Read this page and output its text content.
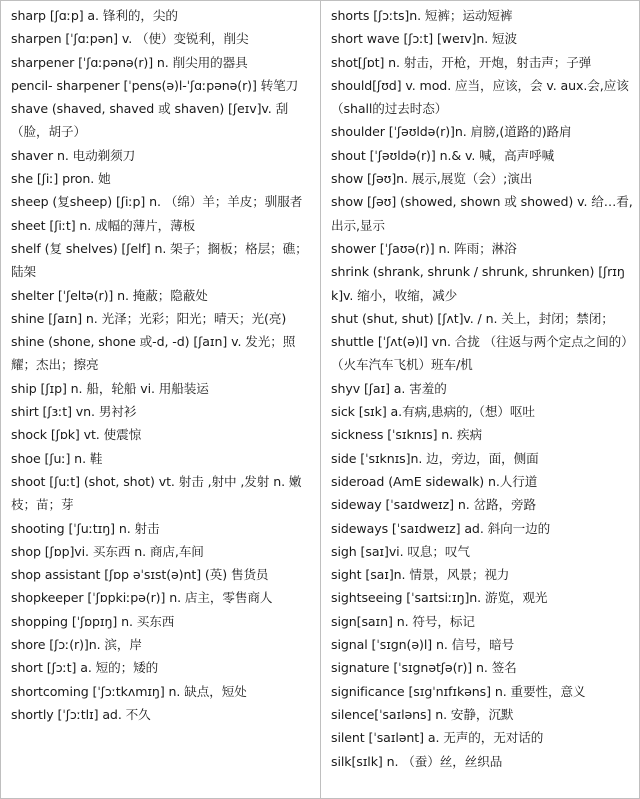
sharp [ʃɑːp] a. 锋利的，尖的
sharpen [ˈʃɑːpən] v. （使）变锐利，削尖
sharpener [ˈʃɑːpənə(r)] n. 削尖用的器具
pencil- sharpener [ˈpens(ə)l-ˈʃɑːpənə(r)] 转笔刀
shave (shaved, shaved 或 shaven) [ʃeɪv]v. 刮（脸，胡子）
shaver n. 电动剃须刀
she [ʃiː] pron. 她
sheep (复sheep) [ʃiːp] n. （绵）羊；羊皮；驯服者
sheet [ʃiːt] n. 成幅的薄片，薄板
shelf (复 shelves) [ʃelf] n. 架子；搁板；格层；礁；陆架
shelter [ˈʃeltə(r)] n. 掩蔽；隐蔽处
shine [ʃaɪn] n. 光泽；光彩；阳光；晴天；光(亮)
shine (shone, shone 或-d, -d) [ʃaɪn] v. 发光；照耀；杰出；擦亮
ship [ʃɪp] n. 船，轮船 vi. 用船装运
shirt [ʃɜːt] vn. 男衬衫
shock [ʃɒk] vt. 使震惊
shoe [ʃuː] n. 鞋
shoot [ʃuːt] (shot, shot) vt. 射击 ,射中 ,发射 n. 嫩枝；苗；芽
shooting [ˈʃuːtɪŋ] n. 射击
shop [ʃɒp]vi. 买东西 n. 商店,车间
shop assistant [ʃɒp əˈsɪst(ə)nt] (英) 售货员
shopkeeper [ˈʃɒpkiːpə(r)] n. 店主，零售商人
shopping [ˈʃɒpɪŋ] n. 买东西
shore [ʃɔː(r)]n. 滨，岸
short [ʃɔːt] a. 短的；矮的
shortcoming [ˈʃɔːtkʌmɪŋ] n. 缺点，短处
shortly [ˈʃɔːtlɪ] ad. 不久
shorts [ʃɔːts]n. 短裤；运动短裤
short wave [ʃɔːt] [weɪv]n. 短波
shot[ʃɒt] n. 射击，开枪，开炮，射击声；子弹
should[ʃʊd] v. mod. 应当，应该，会 v. aux.会,应该（shall的过去时态）
shoulder [ˈʃəʊldə(r)]n. 肩膀,(道路的)路肩
shout [ˈʃəʊldə(r)] n.& v. 喊，高声呼喊
show [ʃəʊ]n. 展示,展览（会）;演出
show [ʃəʊ] (showed, shown 或 showed) v. 给…看,出示,显示
shower [ˈʃaʊə(r)] n. 阵雨；淋浴
shrink (shrank, shrunk / shrunk, shrunken) [ʃrɪŋk]v. 缩小，收缩，减少
shut (shut, shut) [ʃʌt]v. / n. 关上，封闭；禁闭；
shuttle [ˈʃʌt(ə)l] vn. 合拢 （往返与两个定点之间的）（火车汽车飞机）班车/机
shyv [ʃaɪ] a. 害羞的
sick [sɪk] a.有病,患病的,（想）呕吐
sickness [ˈsɪknɪs] n. 疾病
side [ˈsɪknɪs]n. 边，旁边，面，侧面
sideroad (AmE sidewalk) n.人行道
sideway [ˈsaɪdweɪz] n. 岔路，旁路
sideways [ˈsaɪdweɪz] ad. 斜向一边的
sigh [saɪ]vi. 叹息；叹气
sight [saɪ]n. 情景，风景；视力
sightseeing [ˈsaɪtsiːɪŋ]n. 游览，观光
sign[saɪn] n. 符号，标记
signal [ˈsɪgn(ə)l] n. 信号，暗号
signature [ˈsɪgnətʃə(r)] n. 签名
significance [sɪgˈnɪfɪkəns] n. 重要性，意义
silence[ˈsaɪləns] n. 安静，沉默
silent [ˈsaɪlənt] a. 无声的，无对话的
silk[sɪlk] n. （蚕）丝，丝织品
